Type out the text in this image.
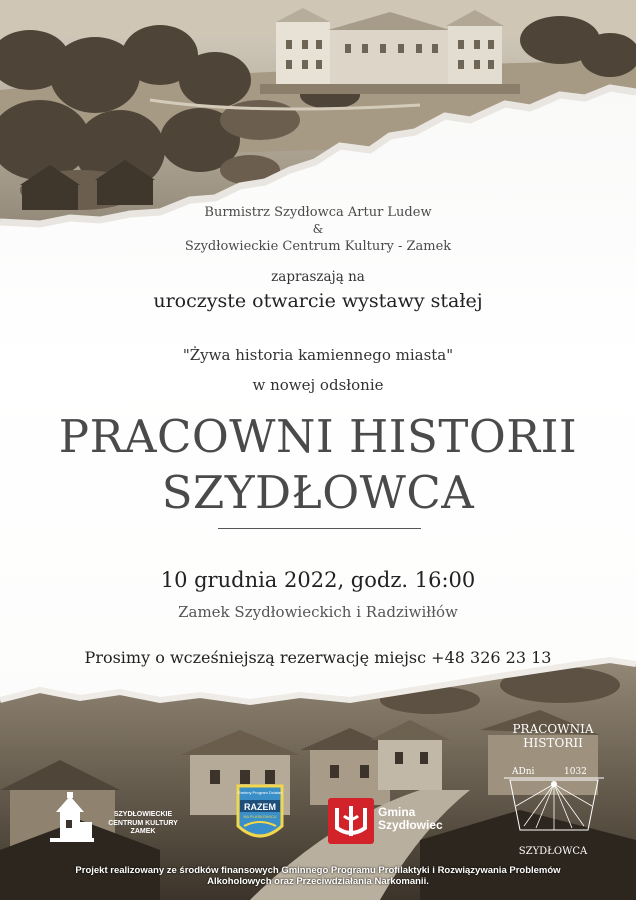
Burmistrz Szydłowca Artur Ludew
&
Szydłowieckie Centrum Kultury - Zamek
zapraszają na
uroczyste otwarcie wystawy stałej
"Żywa historia kamiennego miasta"
w nowej odsłonie
PRACOWNI HISTORII
SZYDŁOWCA
10 grudnia 2022, godz. 16:00
Zamek Szydłowieckich i Radziwiłłów
Prosimy o wcześniejszą rezerwację miejsc +48 326 23 13
SZYDŁOWIECKIE
CENTRUM KULTURY
ZAMEK
Gminny Program Działań
RAZEM
NA PLASKOWICU	Gmina
Szydłowiec
PRACOWNIA
HISTORII
ADni	1032
SZYDŁOWCA
Projekt realizowany ze środków finansowych Gminnego Programu Profilaktyki i Rozwiązywania Problemów
Alkoholowych oraz Przeciwdziałania Narkomanii.
